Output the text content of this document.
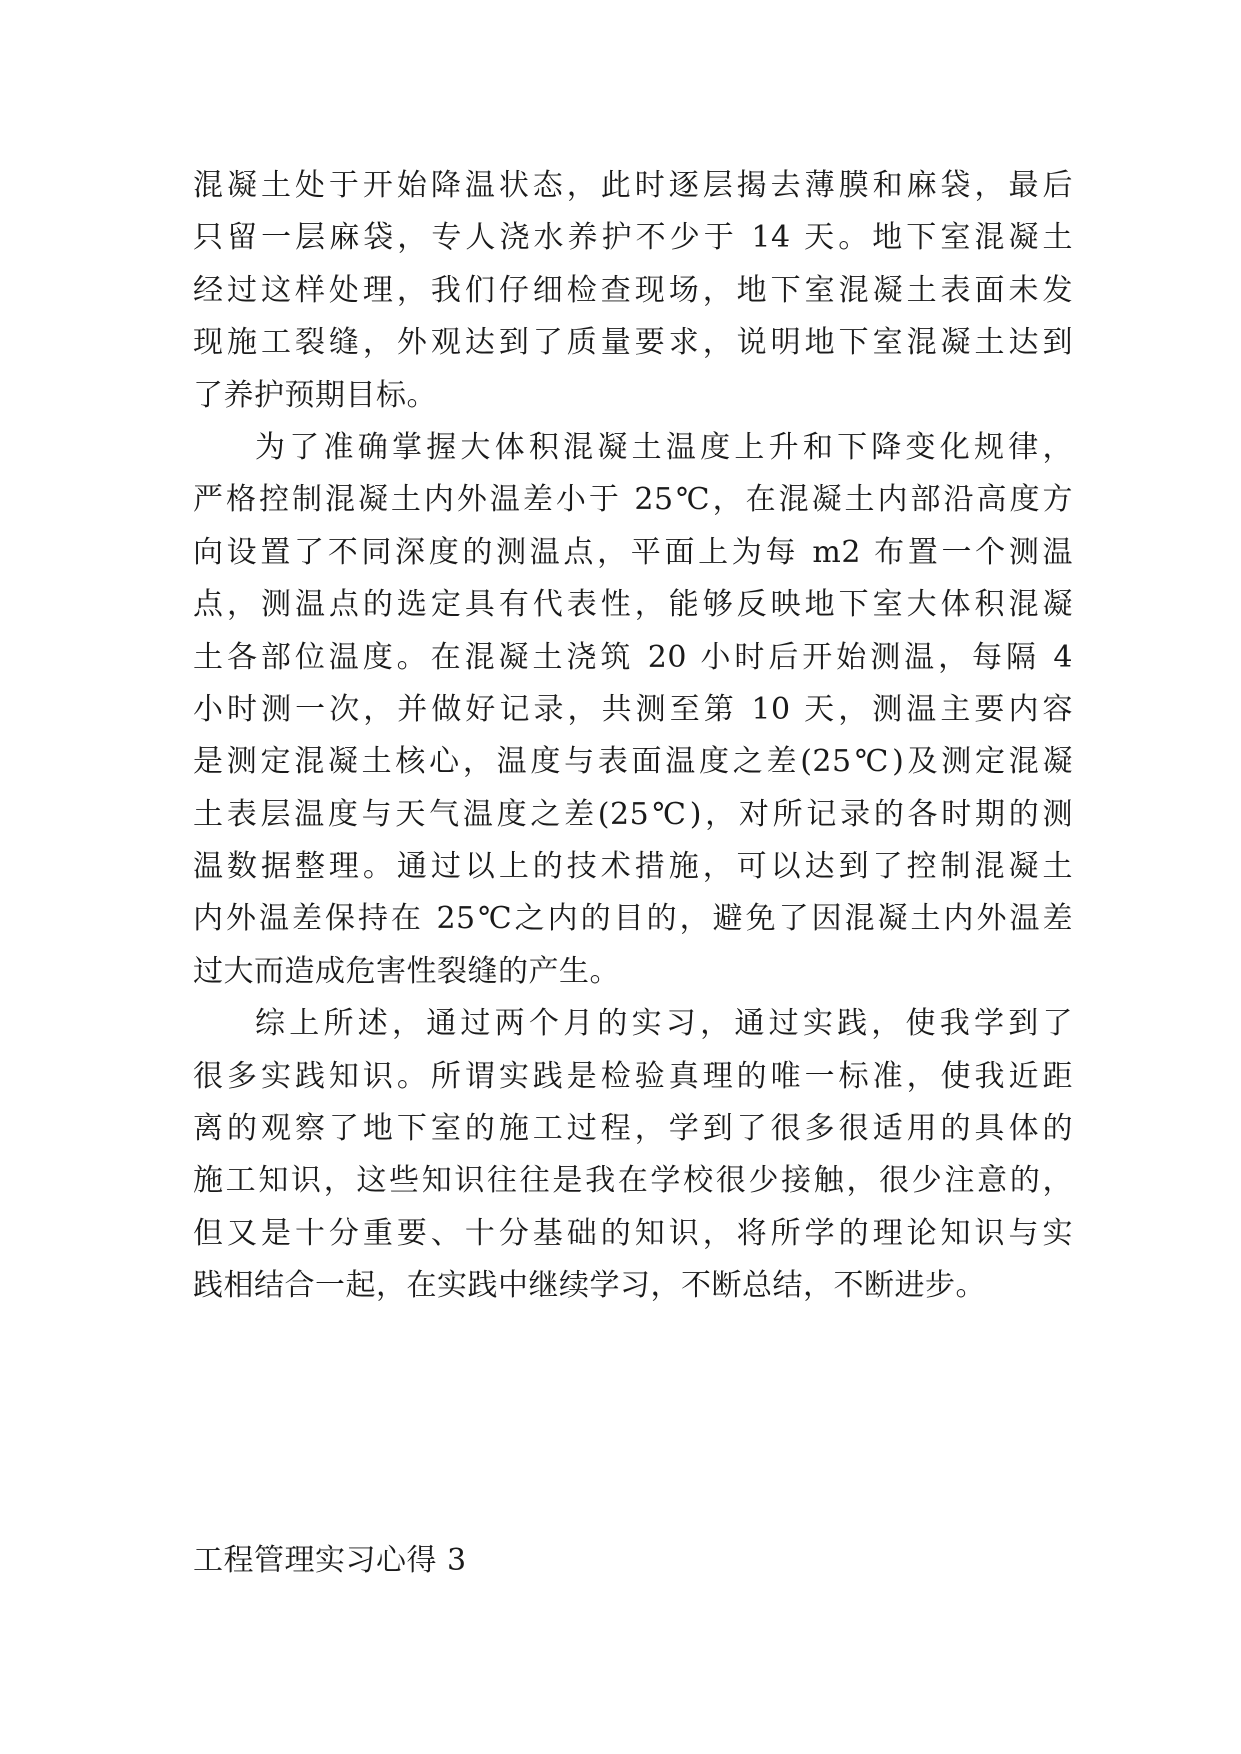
混凝土处于开始降温状态，此时逐层揭去薄膜和麻袋，最后
只留一层麻袋，专人浇水养护不少于 14 天。地下室混凝土
经过这样处理，我们仔细检查现场，地下室混凝土表面未发
现施工裂缝，外观达到了质量要求，说明地下室混凝土达到
了养护预期目标。
为了准确掌握大体积混凝土温度上升和下降变化规律，
严格控制混凝土内外温差小于 25℃，在混凝土内部沿高度方
向设置了不同深度的测温点，平面上为每 m2 布置一个测温
点，测温点的选定具有代表性，能够反映地下室大体积混凝
土各部位温度。在混凝土浇筑 20 小时后开始测温，每隔 4
小时测一次，并做好记录，共测至第 10 天，测温主要内容
是测定混凝土核心，温度与表面温度之差(25℃)及测定混凝
土表层温度与天气温度之差(25℃)，对所记录的各时期的测
温数据整理。通过以上的技术措施，可以达到了控制混凝土
内外温差保持在 25℃之内的目的，避免了因混凝土内外温差
过大而造成危害性裂缝的产生。
综上所述，通过两个月的实习，通过实践，使我学到了
很多实践知识。所谓实践是检验真理的唯一标准，使我近距
离的观察了地下室的施工过程，学到了很多很适用的具体的
施工知识，这些知识往往是我在学校很少接触，很少注意的，
但又是十分重要、十分基础的知识，将所学的理论知识与实
践相结合一起，在实践中继续学习，不断总结，不断进步。
工程管理实习心得 3
